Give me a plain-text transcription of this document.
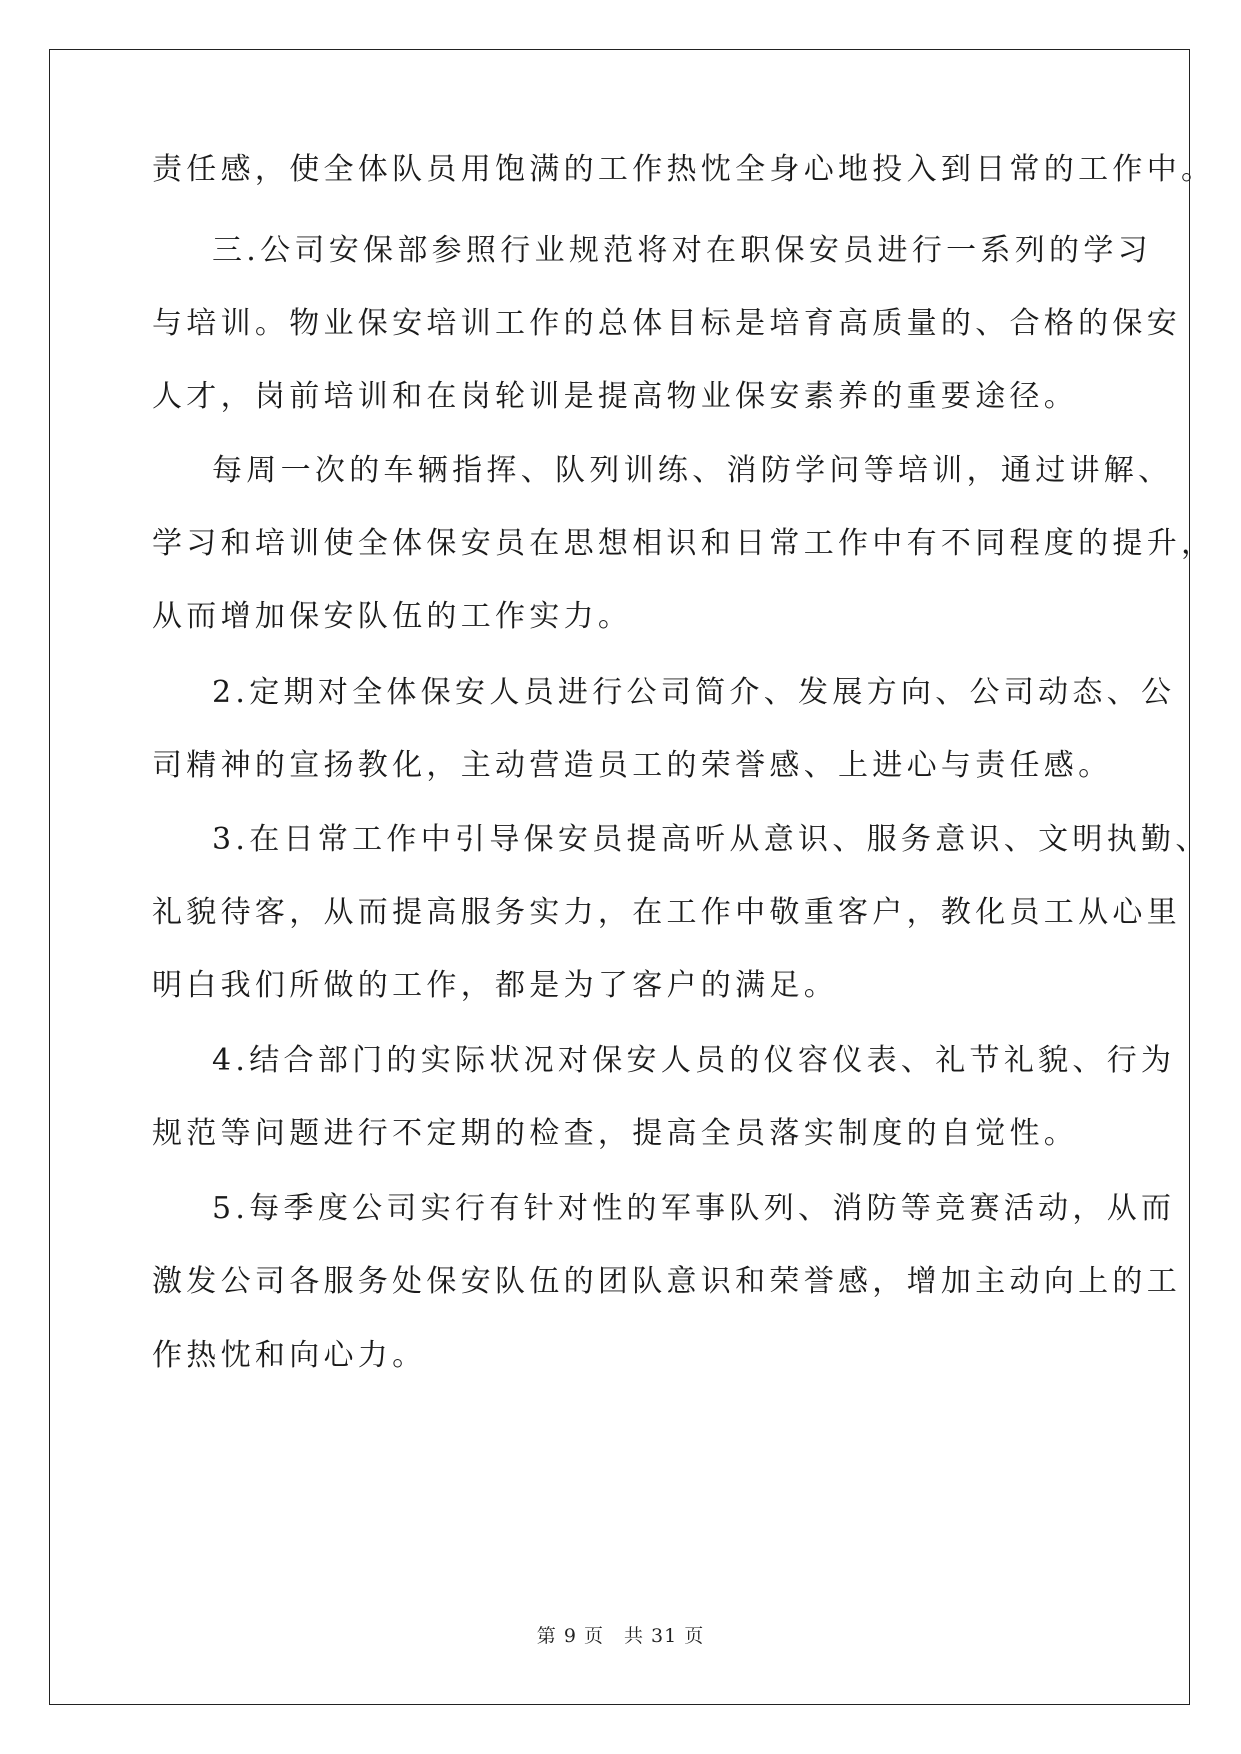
责任感，使全体队员用饱满的工作热忱全身心地投入到日常的工作中。
三.公司安保部参照行业规范将对在职保安员进行一系列的学习
与培训。物业保安培训工作的总体目标是培育高质量的、合格的保安
人才，岗前培训和在岗轮训是提高物业保安素养的重要途径。
每周一次的车辆指挥、队列训练、消防学问等培训，通过讲解、
学习和培训使全体保安员在思想相识和日常工作中有不同程度的提升，
从而增加保安队伍的工作实力。
2.定期对全体保安人员进行公司简介、发展方向、公司动态、公
司精神的宣扬教化，主动营造员工的荣誉感、上进心与责任感。
3.在日常工作中引导保安员提高听从意识、服务意识、文明执勤、
礼貌待客，从而提高服务实力，在工作中敬重客户，教化员工从心里
明白我们所做的工作，都是为了客户的满足。
4.结合部门的实际状况对保安人员的仪容仪表、礼节礼貌、行为
规范等问题进行不定期的检查，提高全员落实制度的自觉性。
5.每季度公司实行有针对性的军事队列、消防等竞赛活动，从而
激发公司各服务处保安队伍的团队意识和荣誉感，增加主动向上的工
作热忱和向心力。
第 9 页　共 31 页
